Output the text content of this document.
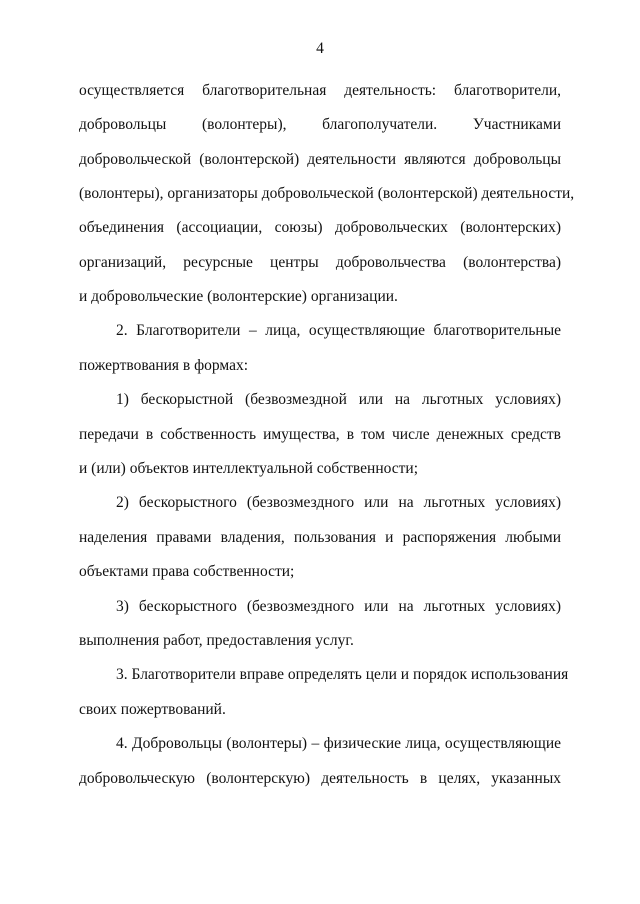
4
осуществляется благотворительная деятельность: благотворители,
добровольцы (волонтеры), благополучатели. Участниками
добровольческой (волонтерской) деятельности являются добровольцы
(волонтеры), организаторы добровольческой (волонтерской) деятельности,
объединения (ассоциации, союзы) добровольческих (волонтерских)
организаций, ресурсные центры добровольчества (волонтерства)
и добровольческие (волонтерские) организации.
2. Благотворители – лица, осуществляющие благотворительные
пожертвования в формах:
1) бескорыстной (безвозмездной или на льготных условиях)
передачи в собственность имущества, в том числе денежных средств
и (или) объектов интеллектуальной собственности;
2) бескорыстного (безвозмездного или на льготных условиях)
наделения правами владения, пользования и распоряжения любыми
объектами права собственности;
3) бескорыстного (безвозмездного или на льготных условиях)
выполнения работ, предоставления услуг.
3. Благотворители вправе определять цели и порядок использования
своих пожертвований.
4. Добровольцы (волонтеры) – физические лица, осуществляющие
добровольческую (волонтерскую) деятельность в целях, указанных
